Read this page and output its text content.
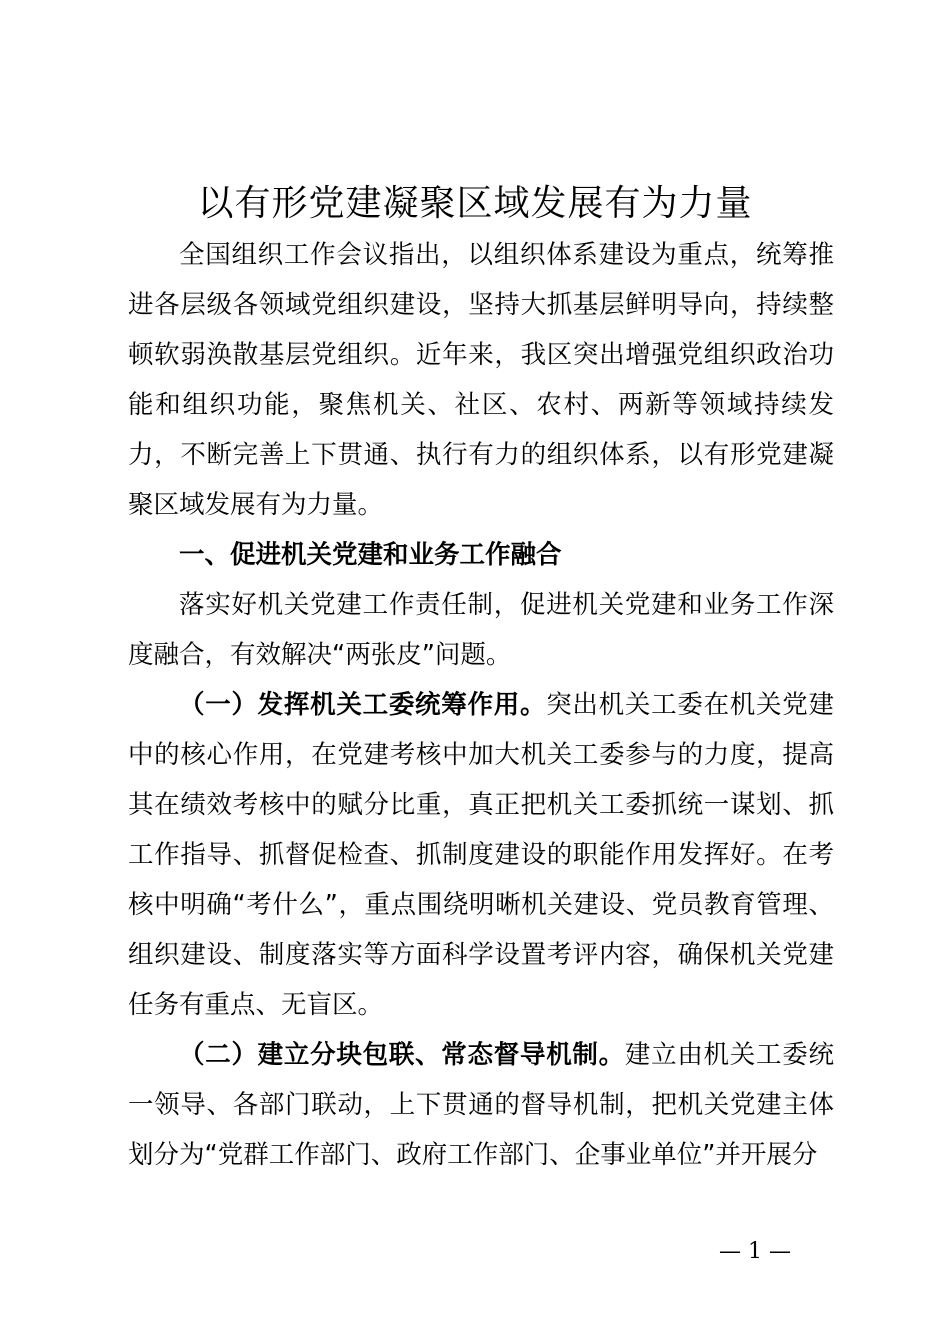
以有形党建凝聚区域发展有为力量

全国组织工作会议指出，以组织体系建设为重点，统筹推进各层级各领域党组织建设，坚持大抓基层鲜明导向，持续整顿软弱涣散基层党组织。近年来，我区突出增强党组织政治功能和组织功能，聚焦机关、社区、农村、两新等领域持续发力，不断完善上下贯通、执行有力的组织体系，以有形党建凝聚区域发展有为力量。

一、促进机关党建和业务工作融合

落实好机关党建工作责任制，促进机关党建和业务工作深度融合，有效解决“两张皮”问题。

（一）发挥机关工委统筹作用。突出机关工委在机关党建中的核心作用，在党建考核中加大机关工委参与的力度，提高其在绩效考核中的赋分比重，真正把机关工委抓统一谋划、抓工作指导、抓督促检查、抓制度建设的职能作用发挥好。在考核中明确“考什么”，重点围绕明晰机关建设、党员教育管理、组织建设、制度落实等方面科学设置考评内容，确保机关党建任务有重点、无盲区。

（二）建立分块包联、常态督导机制。建立由机关工委统一领导、各部门联动，上下贯通的督导机制，把机关党建主体划分为“党群工作部门、政府工作部门、企事业单位”并开展分

— 1 —
